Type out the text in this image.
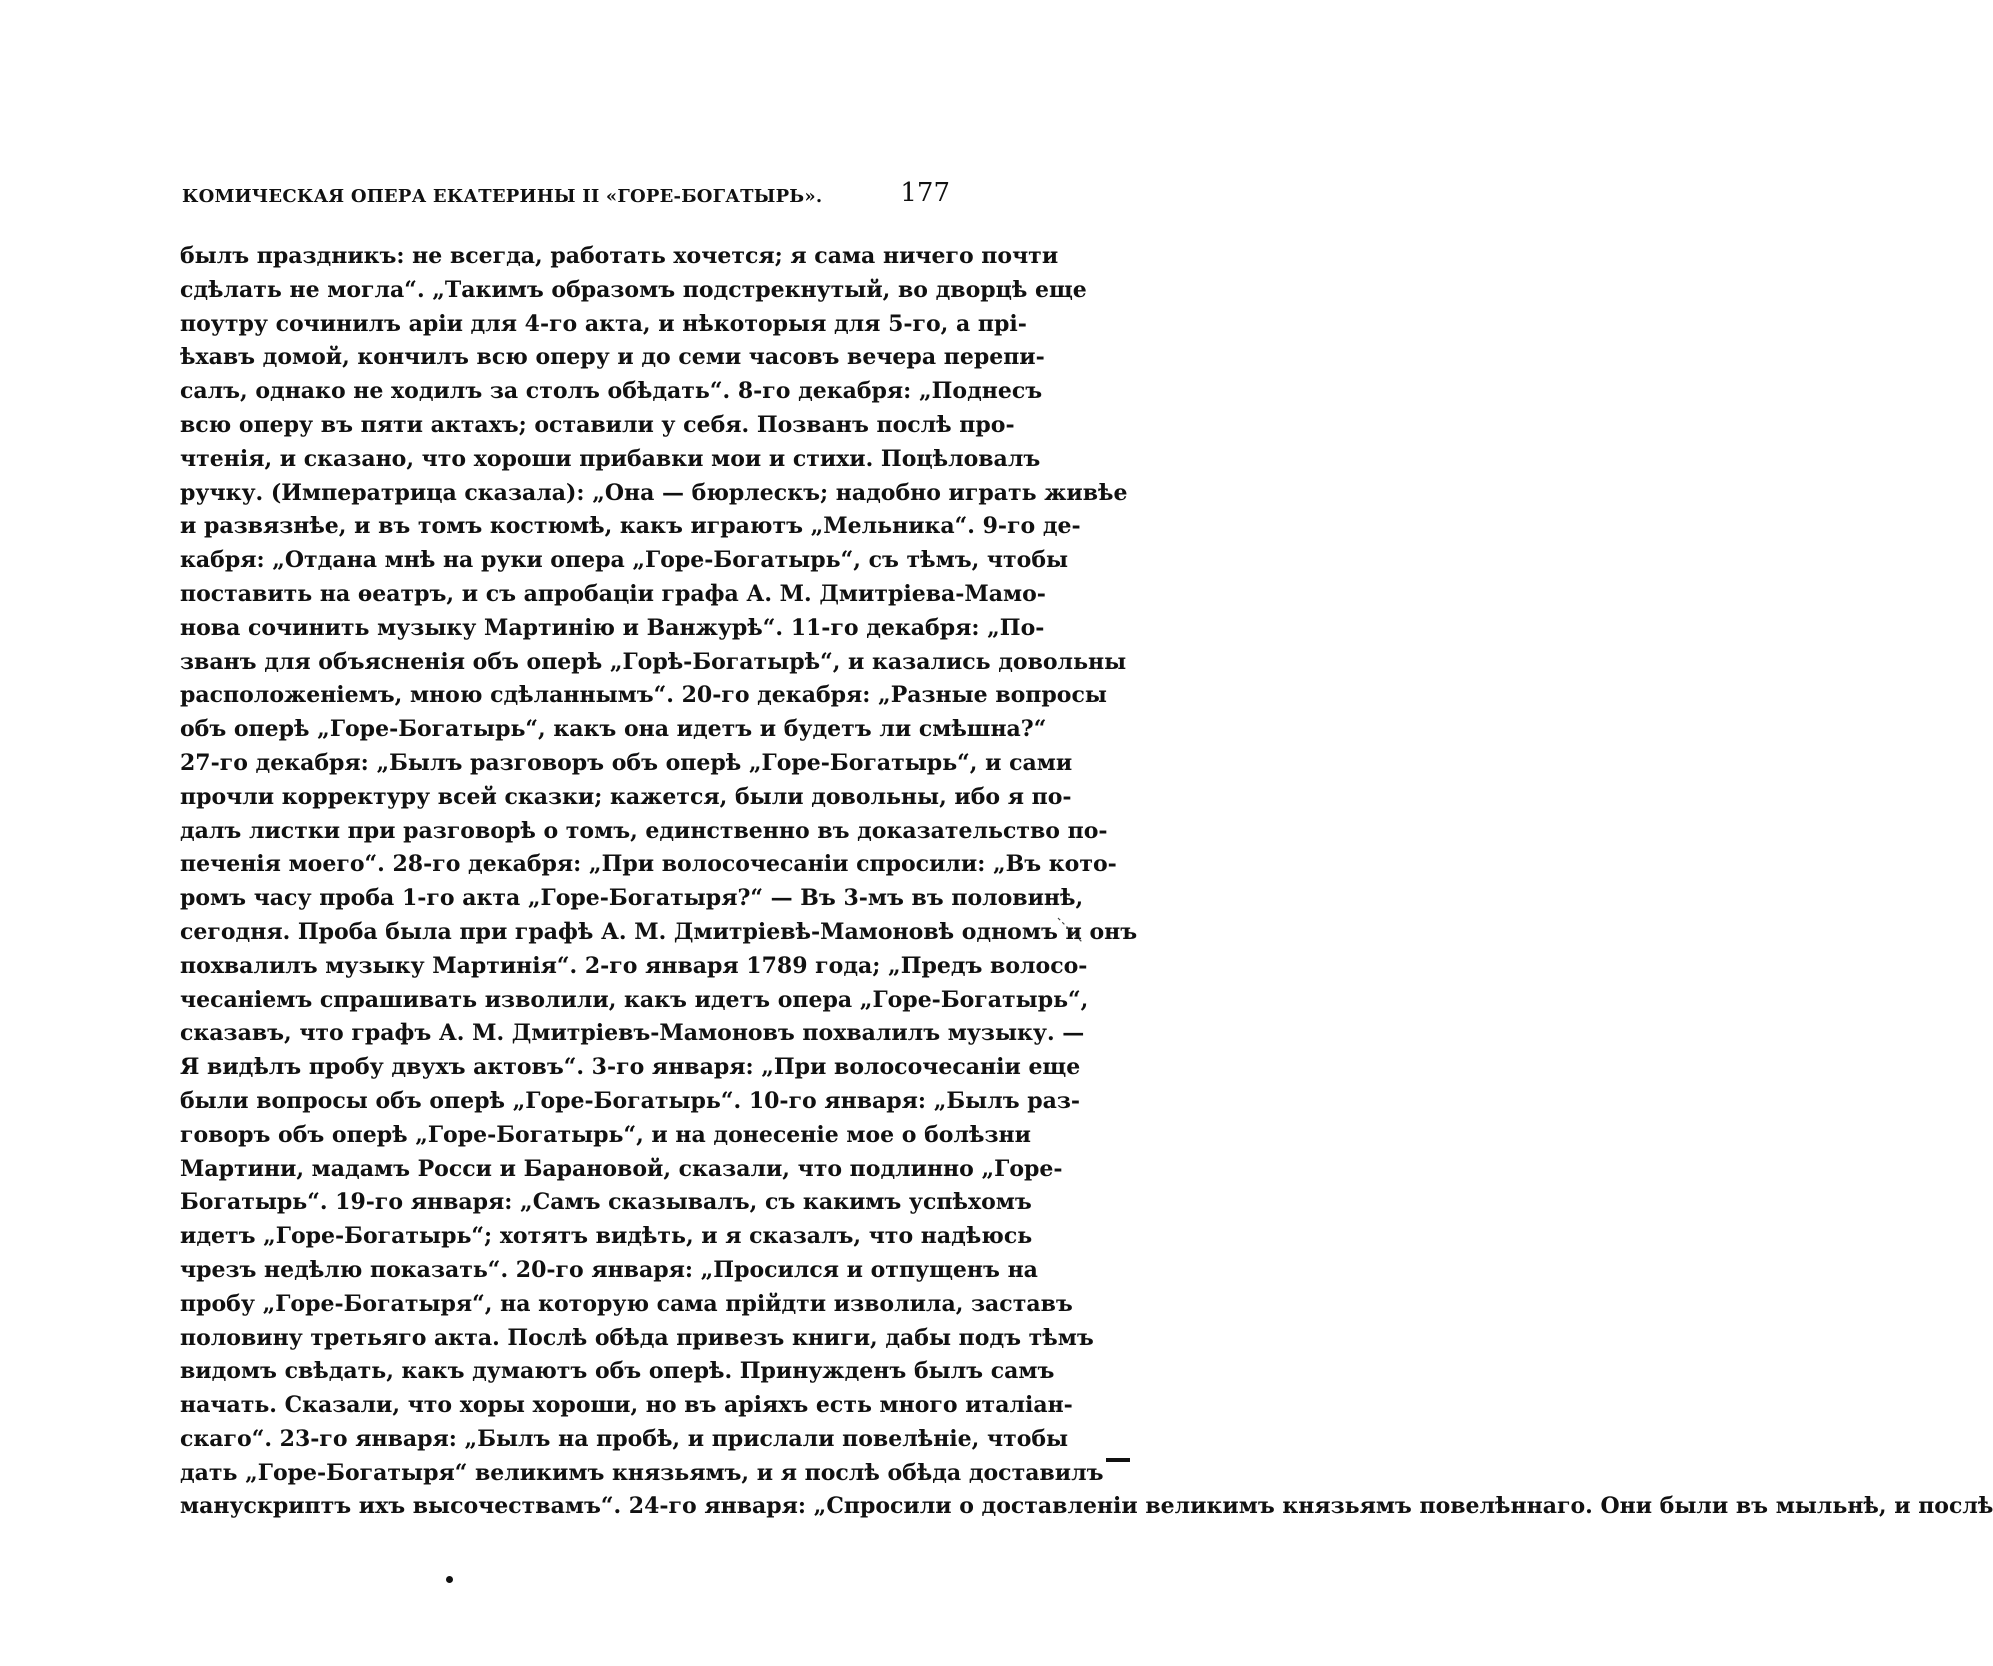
КОМИЧЕСКАЯ ОПЕРА ЕКАТЕРИНЫ II «ГОРЕ-БОГАТЫРЬ».	177
былъ праздникъ: не всегда, работать хочется; я сама ничего почти
сдѣлать не могла“. „Такимъ образомъ подстрекнутый, во дворцѣ еще
поутру сочинилъ аріи для 4-го акта, и нѣкоторыя для 5-го, а прі-
ѣхавъ домой, кончилъ всю оперу и до семи часовъ вечера перепи-
салъ, однако не ходилъ за столъ обѣдать“. 8-го декабря: „Поднесъ
всю оперу въ пяти актахъ; оставили у себя. Позванъ послѣ про-
чтенія, и сказано, что хороши прибавки мои и стихи. Поцѣловалъ
ручку. (Императрица сказала): „Она — бюрлескъ; надобно играть живѣе
и развязнѣе, и въ томъ костюмѣ, какъ играютъ „Мельника“. 9-го де-
кабря: „Отдана мнѣ на руки опера „Горе-Богатырь“, съ тѣмъ, чтобы
поставить на ѳеатръ, и съ апробаціи графа А. М. Дмитріева-Мамо-
нова сочинить музыку Мартинію и Ванжурѣ“. 11-го декабря: „По-
званъ для объясненія объ оперѣ „Горѣ-Богатырѣ“, и казались довольны
расположеніемъ, мною сдѣланнымъ“. 20-го декабря: „Разные вопросы
объ оперѣ „Горе-Богатырь“, какъ она идетъ и будетъ ли смѣшна?“
27-го декабря: „Былъ разговоръ объ оперѣ „Горе-Богатырь“, и сами
прочли корректуру всей сказки; кажется, были довольны, ибо я по-
далъ листки при разговорѣ о томъ, единственно въ доказательство по-
печенія моего“. 28-го декабря: „При волосочесаніи спросили: „Въ кото-
ромъ часу проба 1-го акта „Горе-Богатыря?“ — Въ 3-мъ въ половинѣ,
сегодня. Проба была при графѣ А. М. Дмитріевѣ-Мамоновѣ одномъ и онъ
похвалилъ музыку Мартинія“. 2-го января 1789 года; „Предъ волосо-
чесаніемъ спрашивать изволили, какъ идетъ опера „Горе-Богатырь“,
сказавъ, что графъ А. М. Дмитріевъ-Мамоновъ похвалилъ музыку. —
Я видѣлъ пробу двухъ актовъ“. 3-го января: „При волосочесаніи еще
были вопросы объ оперѣ „Горе-Богатырь“. 10-го января: „Былъ раз-
говоръ объ оперѣ „Горе-Богатырь“, и на донесеніе мое о болѣзни
Мартини, мадамъ Росси и Барановой, сказали, что подлинно „Горе-
Богатырь“. 19-го января: „Самъ сказывалъ, съ какимъ успѣхомъ
идетъ „Горе-Богатырь“; хотятъ видѣть, и я сказалъ, что надѣюсь
чрезъ недѣлю показать“. 20-го января: „Просился и отпущенъ на
пробу „Горе-Богатыря“, на которую сама прійдти изволила, заставъ
половину третьяго акта. Послѣ обѣда привезъ книги, дабы подъ тѣмъ
видомъ свѣдать, какъ думаютъ объ оперѣ. Принужденъ былъ самъ
начать. Сказали, что хоры хороши, но въ аріяхъ есть много италіан-
скаго“. 23-го января: „Былъ на пробѣ, и прислали повелѣніе, чтобы
дать „Горе-Богатыря“ великимъ князьямъ, и я послѣ обѣда доставилъ
манускриптъ ихъ высочествамъ“. 24-го января: „Спросили о доставленіи великимъ князьямъ повелѣннаго. Они были въ мыльнѣ, и послѣ
